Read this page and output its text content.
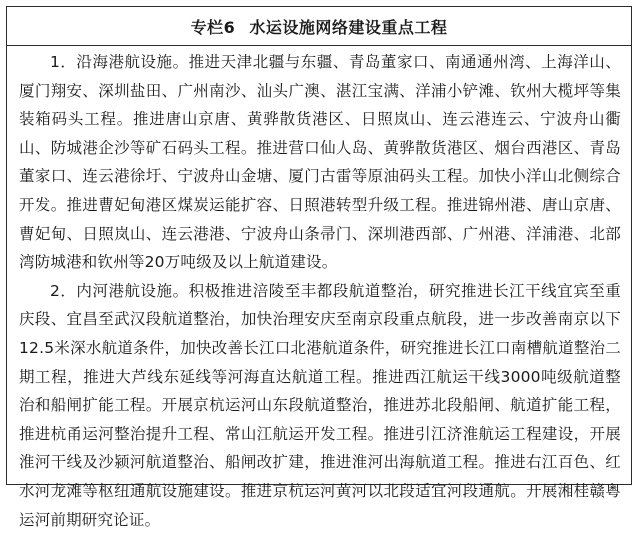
专栏6 水运设施网络建设重点工程

1．沿海港航设施。推进天津北疆与东疆、青岛董家口、南通通州湾、上海洋山、厦门翔安、深圳盐田、广州南沙、汕头广澳、湛江宝满、洋浦小铲滩、钦州大榄坪等集装箱码头工程。推进唐山京唐、黄骅散货港区、日照岚山、连云港连云、宁波舟山衢山、防城港企沙等矿石码头工程。推进营口仙人岛、黄骅散货港区、烟台西港区、青岛董家口、连云港徐圩、宁波舟山金塘、厦门古雷等原油码头工程。加快小洋山北侧综合开发。推进曹妃甸港区煤炭运能扩容、日照港转型升级工程。推进锦州港、唐山京唐、曹妃甸、日照岚山、连云港港、宁波舟山条帚门、深圳港西部、广州港、洋浦港、北部湾防城港和钦州等20万吨级及以上航道建设。

2．内河港航设施。积极推进涪陵至丰都段航道整治，研究推进长江干线宜宾至重庆段、宜昌至武汉段航道整治，加快治理安庆至南京段重点航段，进一步改善南京以下12.5米深水航道条件，加快改善长江口北港航道条件，研究推进长江口南槽航道整治二期工程，推进大芦线东延线等河海直达航道工程。推进西江航运干线3000吨级航道整治和船闸扩能工程。开展京杭运河山东段航道整治，推进苏北段船闸、航道扩能工程，推进杭甬运河整治提升工程、常山江航运开发工程。推进引江济淮航运工程建设，开展淮河干线及沙颍河航道整治、船闸改扩建，推进淮河出海航道工程。推进右江百色、红水河龙滩等枢纽通航设施建设。推进京杭运河黄河以北段适宜河段通航。开展湘桂赣粤运河前期研究论证。
